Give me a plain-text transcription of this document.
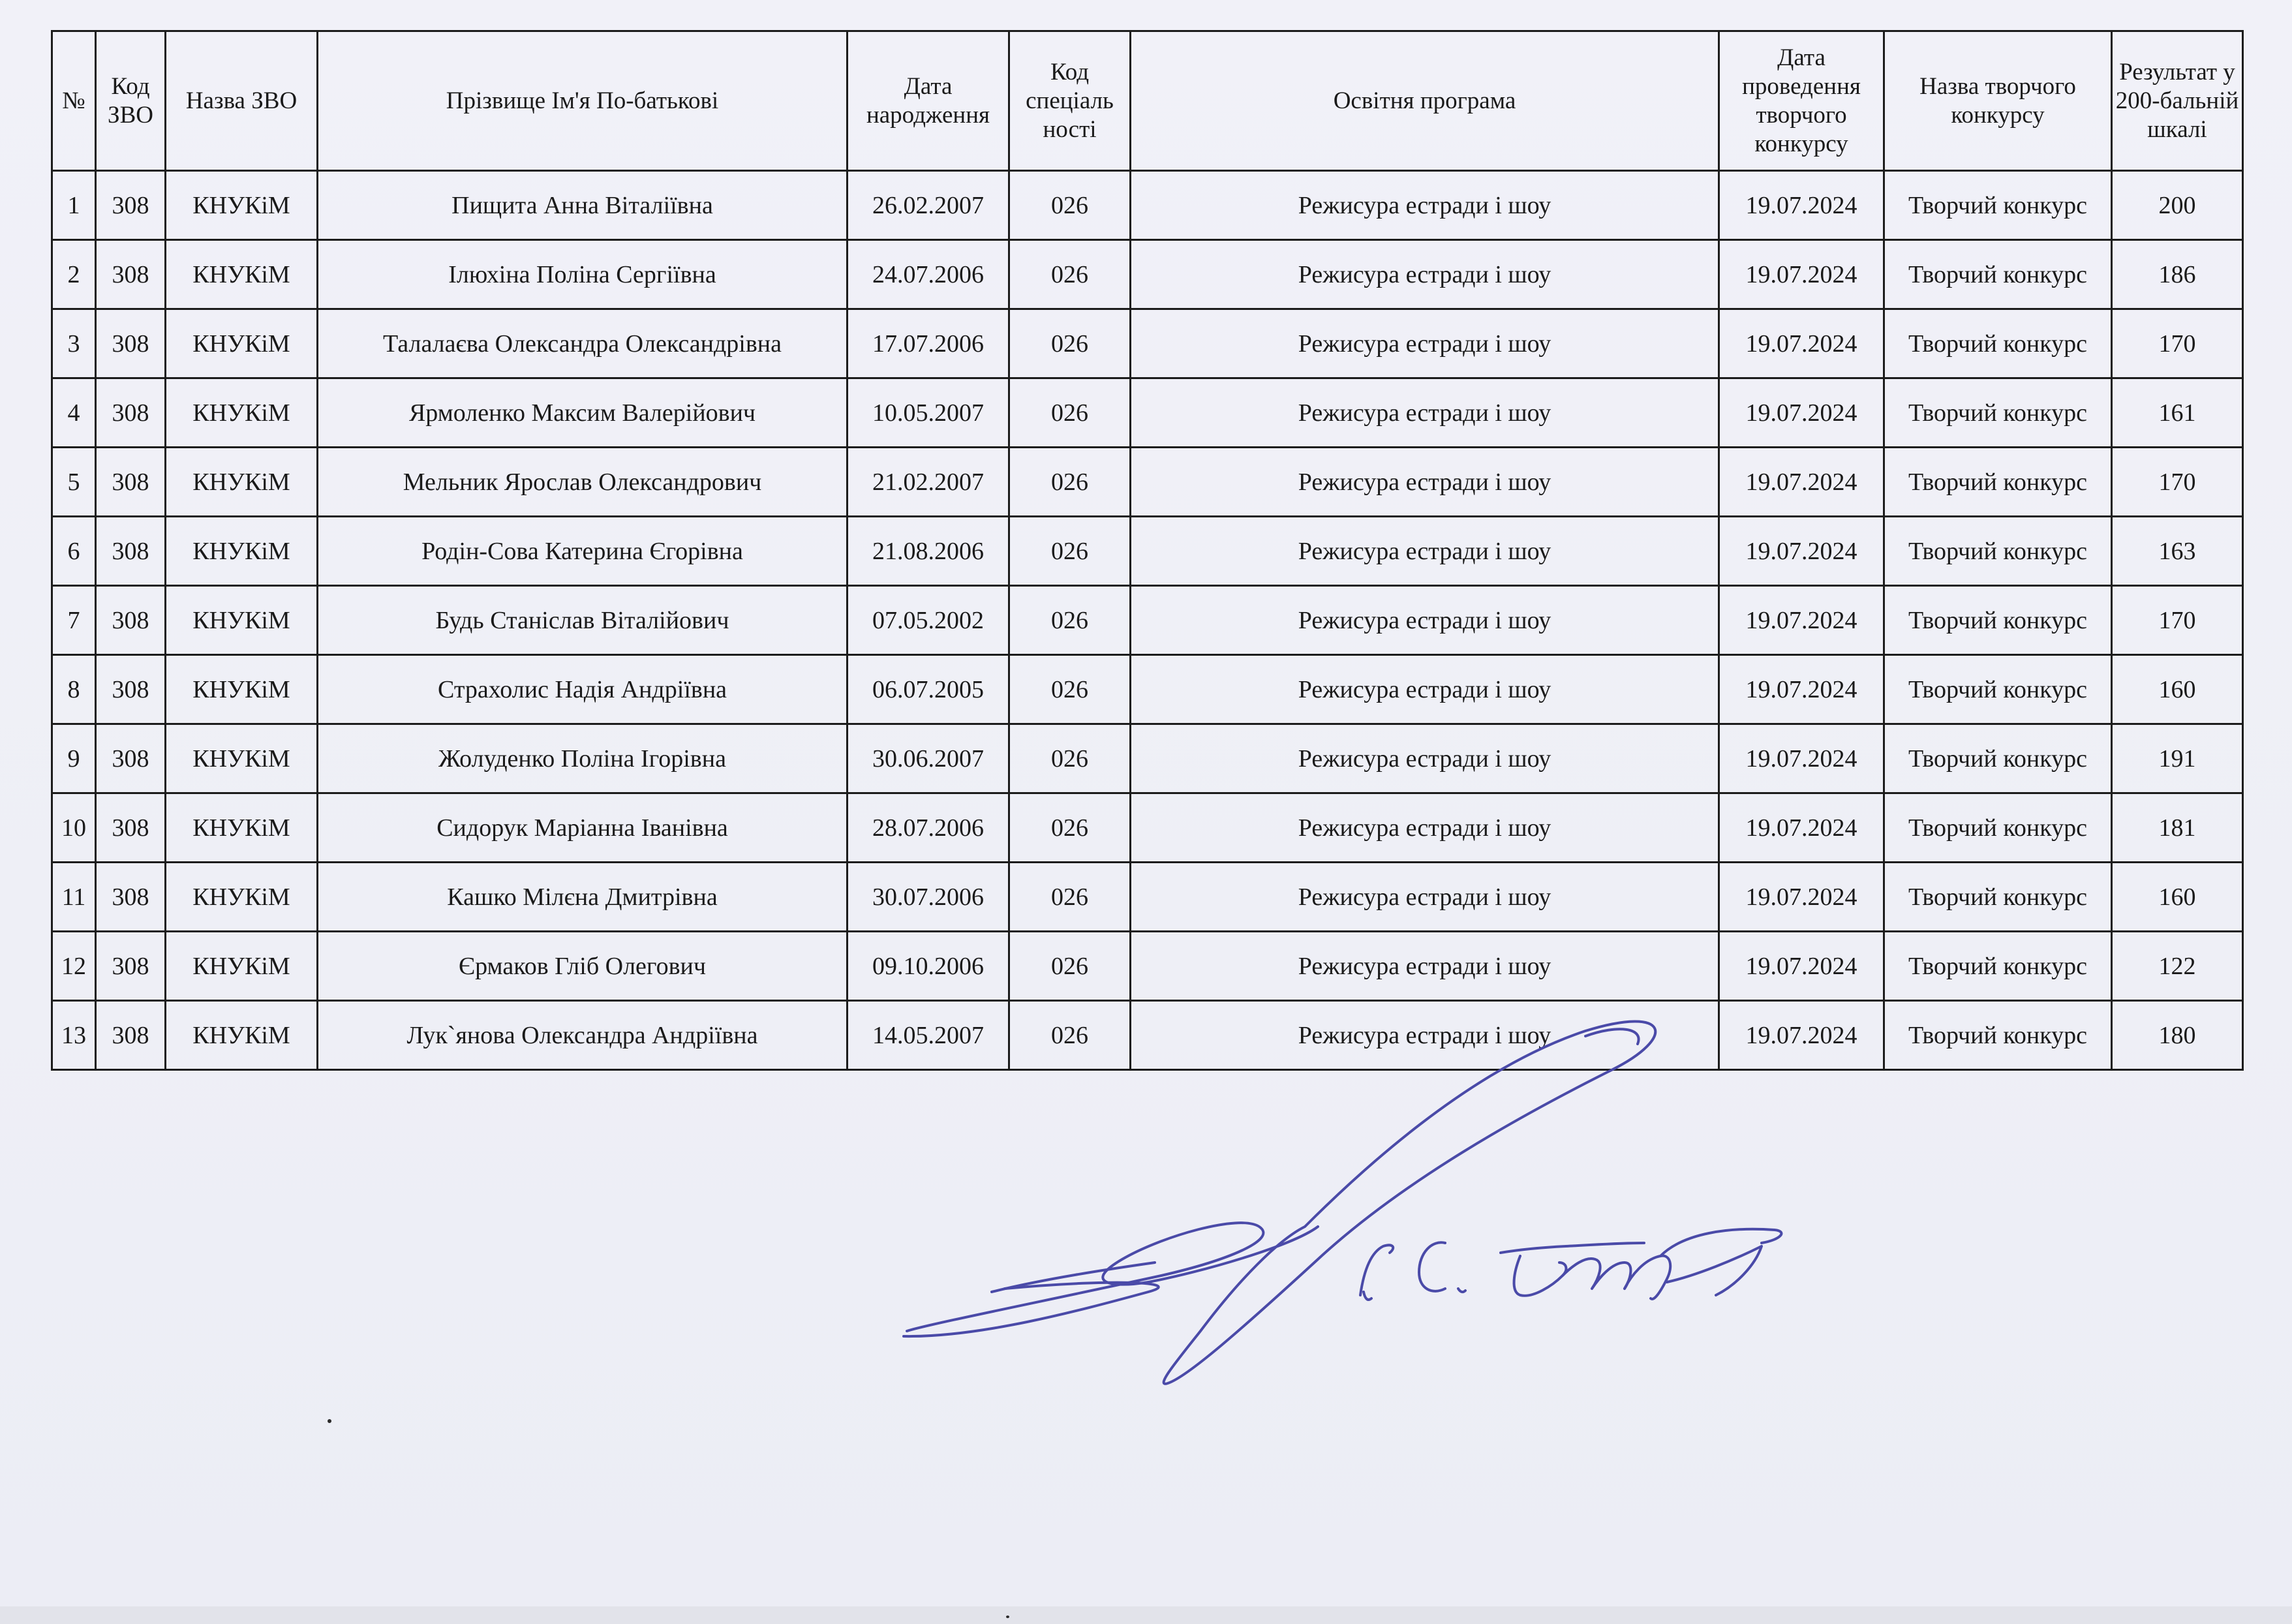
№	Код ЗВО	Назва ЗВО	Прізвище Ім'я По-батькові	Дата народження	Код спеціаль ності	Освітня програма	Дата проведення творчого конкурсу	Назва творчого конкурсу	Результат у 200-бальній шкалі
1	308	КНУКіМ	Пищита Анна Віталіївна	26.02.2007	026	Режисура естради і шоу	19.07.2024	Творчий конкурс	200
2	308	КНУКіМ	Ілюхіна Поліна Сергіївна	24.07.2006	026	Режисура естради і шоу	19.07.2024	Творчий конкурс	186
3	308	КНУКіМ	Талалаєва Олександра Олександрівна	17.07.2006	026	Режисура естради і шоу	19.07.2024	Творчий конкурс	170
4	308	КНУКіМ	Ярмоленко Максим Валерійович	10.05.2007	026	Режисура естради і шоу	19.07.2024	Творчий конкурс	161
5	308	КНУКіМ	Мельник Ярослав Олександрович	21.02.2007	026	Режисура естради і шоу	19.07.2024	Творчий конкурс	170
6	308	КНУКіМ	Родін-Сова Катерина Єгорівна	21.08.2006	026	Режисура естради і шоу	19.07.2024	Творчий конкурс	163
7	308	КНУКіМ	Будь Станіслав Віталійович	07.05.2002	026	Режисура естради і шоу	19.07.2024	Творчий конкурс	170
8	308	КНУКіМ	Страхолис Надія Андріївна	06.07.2005	026	Режисура естради і шоу	19.07.2024	Творчий конкурс	160
9	308	КНУКіМ	Жолуденко Поліна Ігорівна	30.06.2007	026	Режисура естради і шоу	19.07.2024	Творчий конкурс	191
10	308	КНУКіМ	Сидорук Маріанна Іванівна	28.07.2006	026	Режисура естради і шоу	19.07.2024	Творчий конкурс	181
11	308	КНУКіМ	Кашко Мілєна Дмитрівна	30.07.2006	026	Режисура естради і шоу	19.07.2024	Творчий конкурс	160
12	308	КНУКіМ	Єрмаков Гліб Олегович	09.10.2006	026	Режисура естради і шоу	19.07.2024	Творчий конкурс	122
13	308	КНУКіМ	Лук`янова Олександра Андріївна	14.05.2007	026	Режисура естради і шоу	19.07.2024	Творчий конкурс	180
